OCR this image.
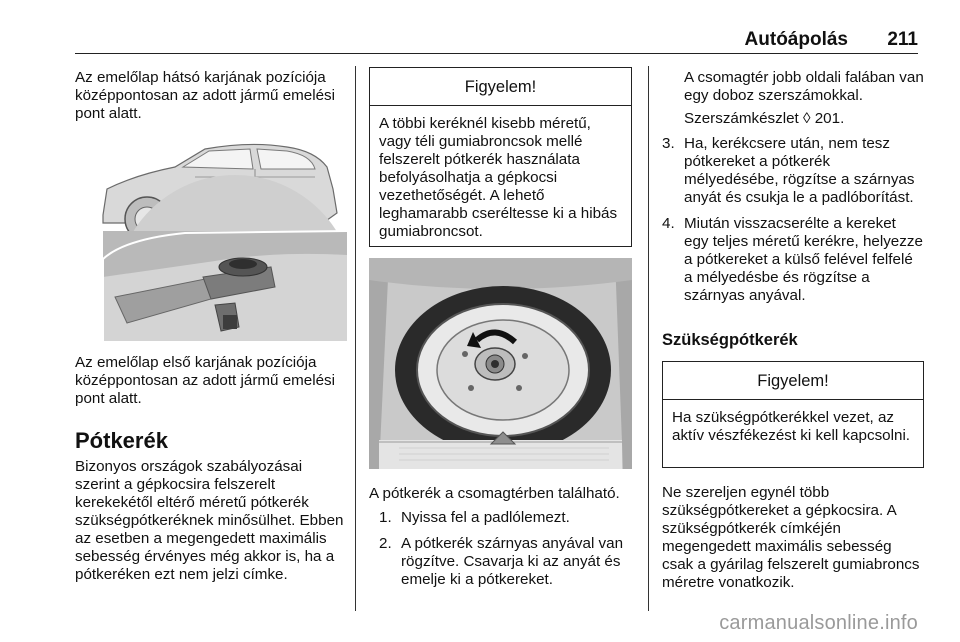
Autóápolás 211
Az emelőlap hátsó karjának pozíciója középpontosan az adott jármű emelési pont alatt.
Az emelőlap első karjának pozíciója középpontosan az adott jármű emelési pont alatt.
Pótkerék
Bizonyos országok szabályozásai szerint a gépkocsira felszerelt kerekekétől eltérő méretű pótkerék szükségpótkeréknek minősülhet. Ebben az esetben a megengedett maximális sebesség érvényes még akkor is, ha a pótkeréken ezt nem jelzi címke.
Figyelem!
A többi keréknél kisebb méretű, vagy téli gumiabroncsok mellé felszerelt pótkerék használata befolyásolhatja a gépkocsi vezethetőségét. A lehető leghamarabb cseréltesse ki a hibás gumiabroncsot.
A pótkerék a csomagtérben található.
1. Nyissa fel a padlólemezt.
2. A pótkerék szárnyas anyával van rögzítve. Csavarja ki az anyát és emelje ki a pótkereket.
A csomagtér jobb oldali falában van egy doboz szerszámokkal.
Szerszámkészlet ◊ 201.
3. Ha, kerékcsere után, nem tesz pótkereket a pótkerék mélyedésébe, rögzítse a szárnyas anyát és csukja le a padlóborítást.
4. Miután visszacserélte a kereket egy teljes méretű kerékre, helyezze a pótkereket a külső felével felfelé a mélyedésbe és rögzítse a szárnyas anyával.
Szükségpótkerék
Figyelem!
Ha szükségpótkerékkel vezet, az aktív vészfékezést ki kell kapcsolni.
Ne szereljen egynél több szükségpótkereket a gépkocsira. A szükségpótkerék címkéjén megengedett maximális sebesség csak a gyárilag felszerelt gumiabroncs méretre vonatkozik.
carmanualsonline.info
